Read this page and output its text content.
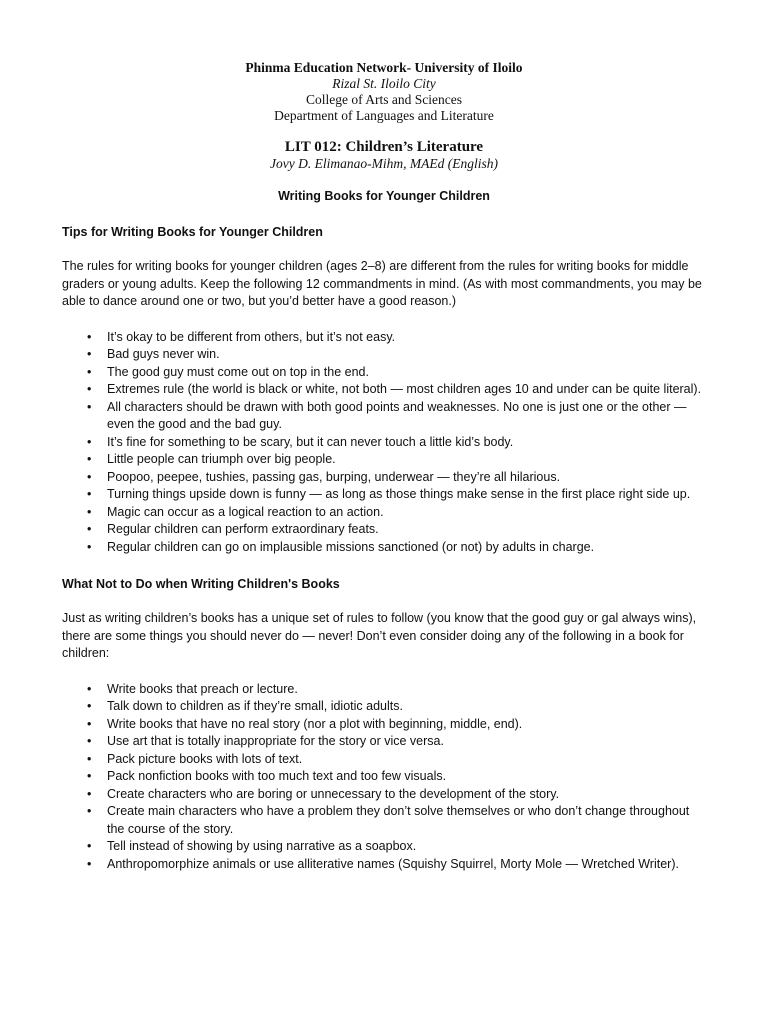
Phinma Education Network- University of Iloilo
Rizal St. Iloilo City
College of Arts and Sciences
Department of Languages and Literature
LIT 012: Children’s Literature
Jovy D. Elimanao-Mihm, MAEd (English)
Writing Books for Younger Children
Tips for Writing Books for Younger Children

The rules for writing books for younger children (ages 2–8) are different from the rules for writing books for middle graders or young adults. Keep the following 12 commandments in mind. (As with most commandments, you may be able to dance around one or two, but you’d better have a good reason.)

• It’s okay to be different from others, but it’s not easy.
• Bad guys never win.
• The good guy must come out on top in the end.
• Extremes rule (the world is black or white, not both — most children ages 10 and under can be quite literal).
• All characters should be drawn with both good points and weaknesses. No one is just one or the other — even the good and the bad guy.
• It’s fine for something to be scary, but it can never touch a little kid’s body.
• Little people can triumph over big people.
• Poopoo, peepee, tushies, passing gas, burping, underwear — they’re all hilarious.
• Turning things upside down is funny — as long as those things make sense in the first place right side up.
• Magic can occur as a logical reaction to an action.
• Regular children can perform extraordinary feats.
• Regular children can go on implausible missions sanctioned (or not) by adults in charge.
What Not to Do when Writing Children's Books

Just as writing children’s books has a unique set of rules to follow (you know that the good guy or gal always wins), there are some things you should never do — never! Don’t even consider doing any of the following in a book for children:

• Write books that preach or lecture.
• Talk down to children as if they’re small, idiotic adults.
• Write books that have no real story (nor a plot with beginning, middle, end).
• Use art that is totally inappropriate for the story or vice versa.
• Pack picture books with lots of text.
• Pack nonfiction books with too much text and too few visuals.
• Create characters who are boring or unnecessary to the development of the story.
• Create main characters who have a problem they don’t solve themselves or who don’t change throughout the course of the story.
• Tell instead of showing by using narrative as a soapbox.
• Anthropomorphize animals or use alliterative names (Squishy Squirrel, Morty Mole — Wretched Writer).
